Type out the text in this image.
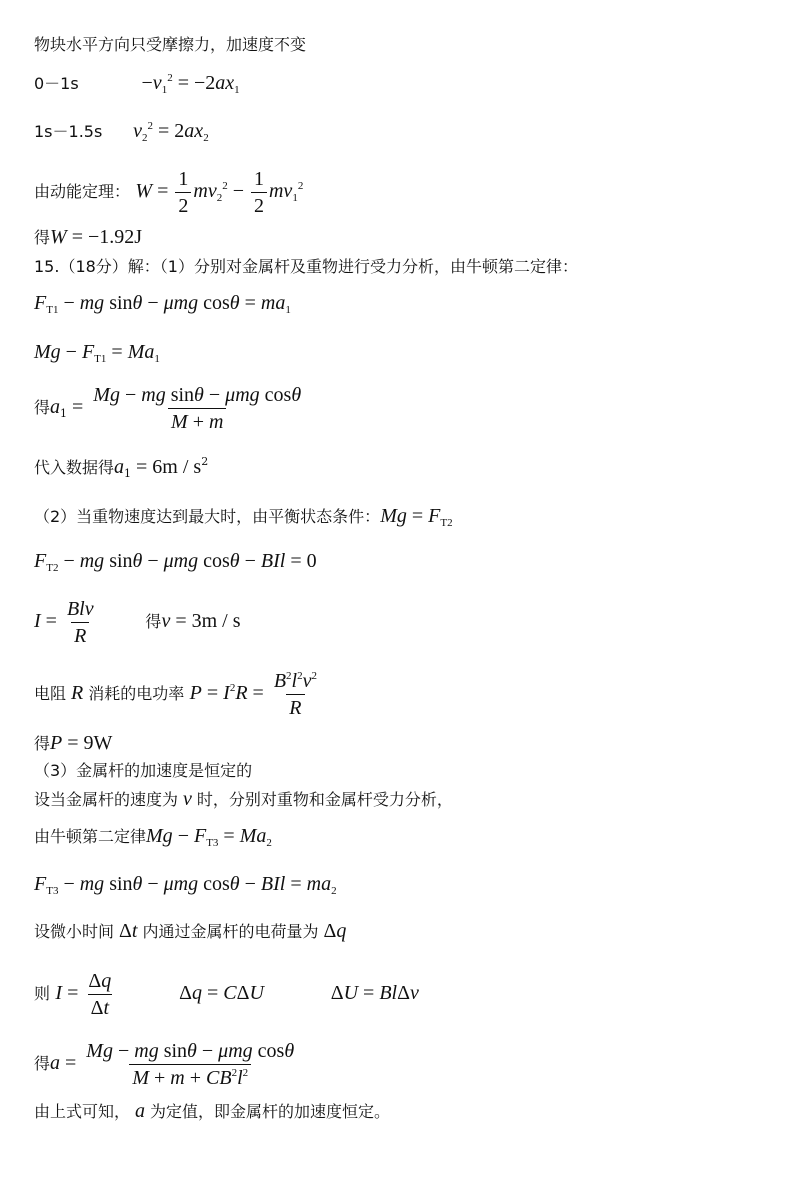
物块水平方向只受摩擦力，加速度不变
0－1s	$-v_1^2 = -2ax_1$
1s－1.5s $v_2^2 = 2ax_2$
由动能定理： $W = \frac{1}{2} mv_2^2 - \frac{1}{2} mv_1^2$
得W = −1.92J
15.（18分）解：（1）分别对金属杆及重物进行受力分析，由牛顿第二定律：
$F_{T1}$ − mg sinθ − μmg $\cos\theta = ma_1$
$Mg - F_{T1} = Ma_1$
得$a_1 = \frac{\text{Mg − mg sinθ − μmg cosθ}}{M + m}$
代入数据得$a_1 = 6m / s^2$
（2）当重物速度达到最大时，由平衡状态条件：$Mg = F_{T2}$
$F_{T2}$ − mg sinθ − μmg cosθ − BIl = 0
$I = \frac{\text{Blv}}{R}$	得v = 3m / s
电阻 R 消耗的电功率 $P = I^2R = \frac{B^2l^2v^2}{R}$
得P = 9W
（3）金属杆的加速度是恒定的
设当金属杆的速度为 v 时，分别对重物和金属杆受力分析，
由牛顿第二定律$Mg - F_{T3} = Ma_2$
$F_{T3}$ − mg sinθ − μmg cosθ − BIl = $ma_2$
设微小时间 Δt 内通过金属杆的电荷量为 Δq
则 $I = \frac{\Delta q}{\Delta t}$	Δq = CΔU	ΔU = BlΔv
得$a = \frac{\text{Mg − mg sinθ − μmg cosθ}}{M + m + CB^2l^2}$
由上式可知， a 为定值，即金属杆的加速度恒定。
